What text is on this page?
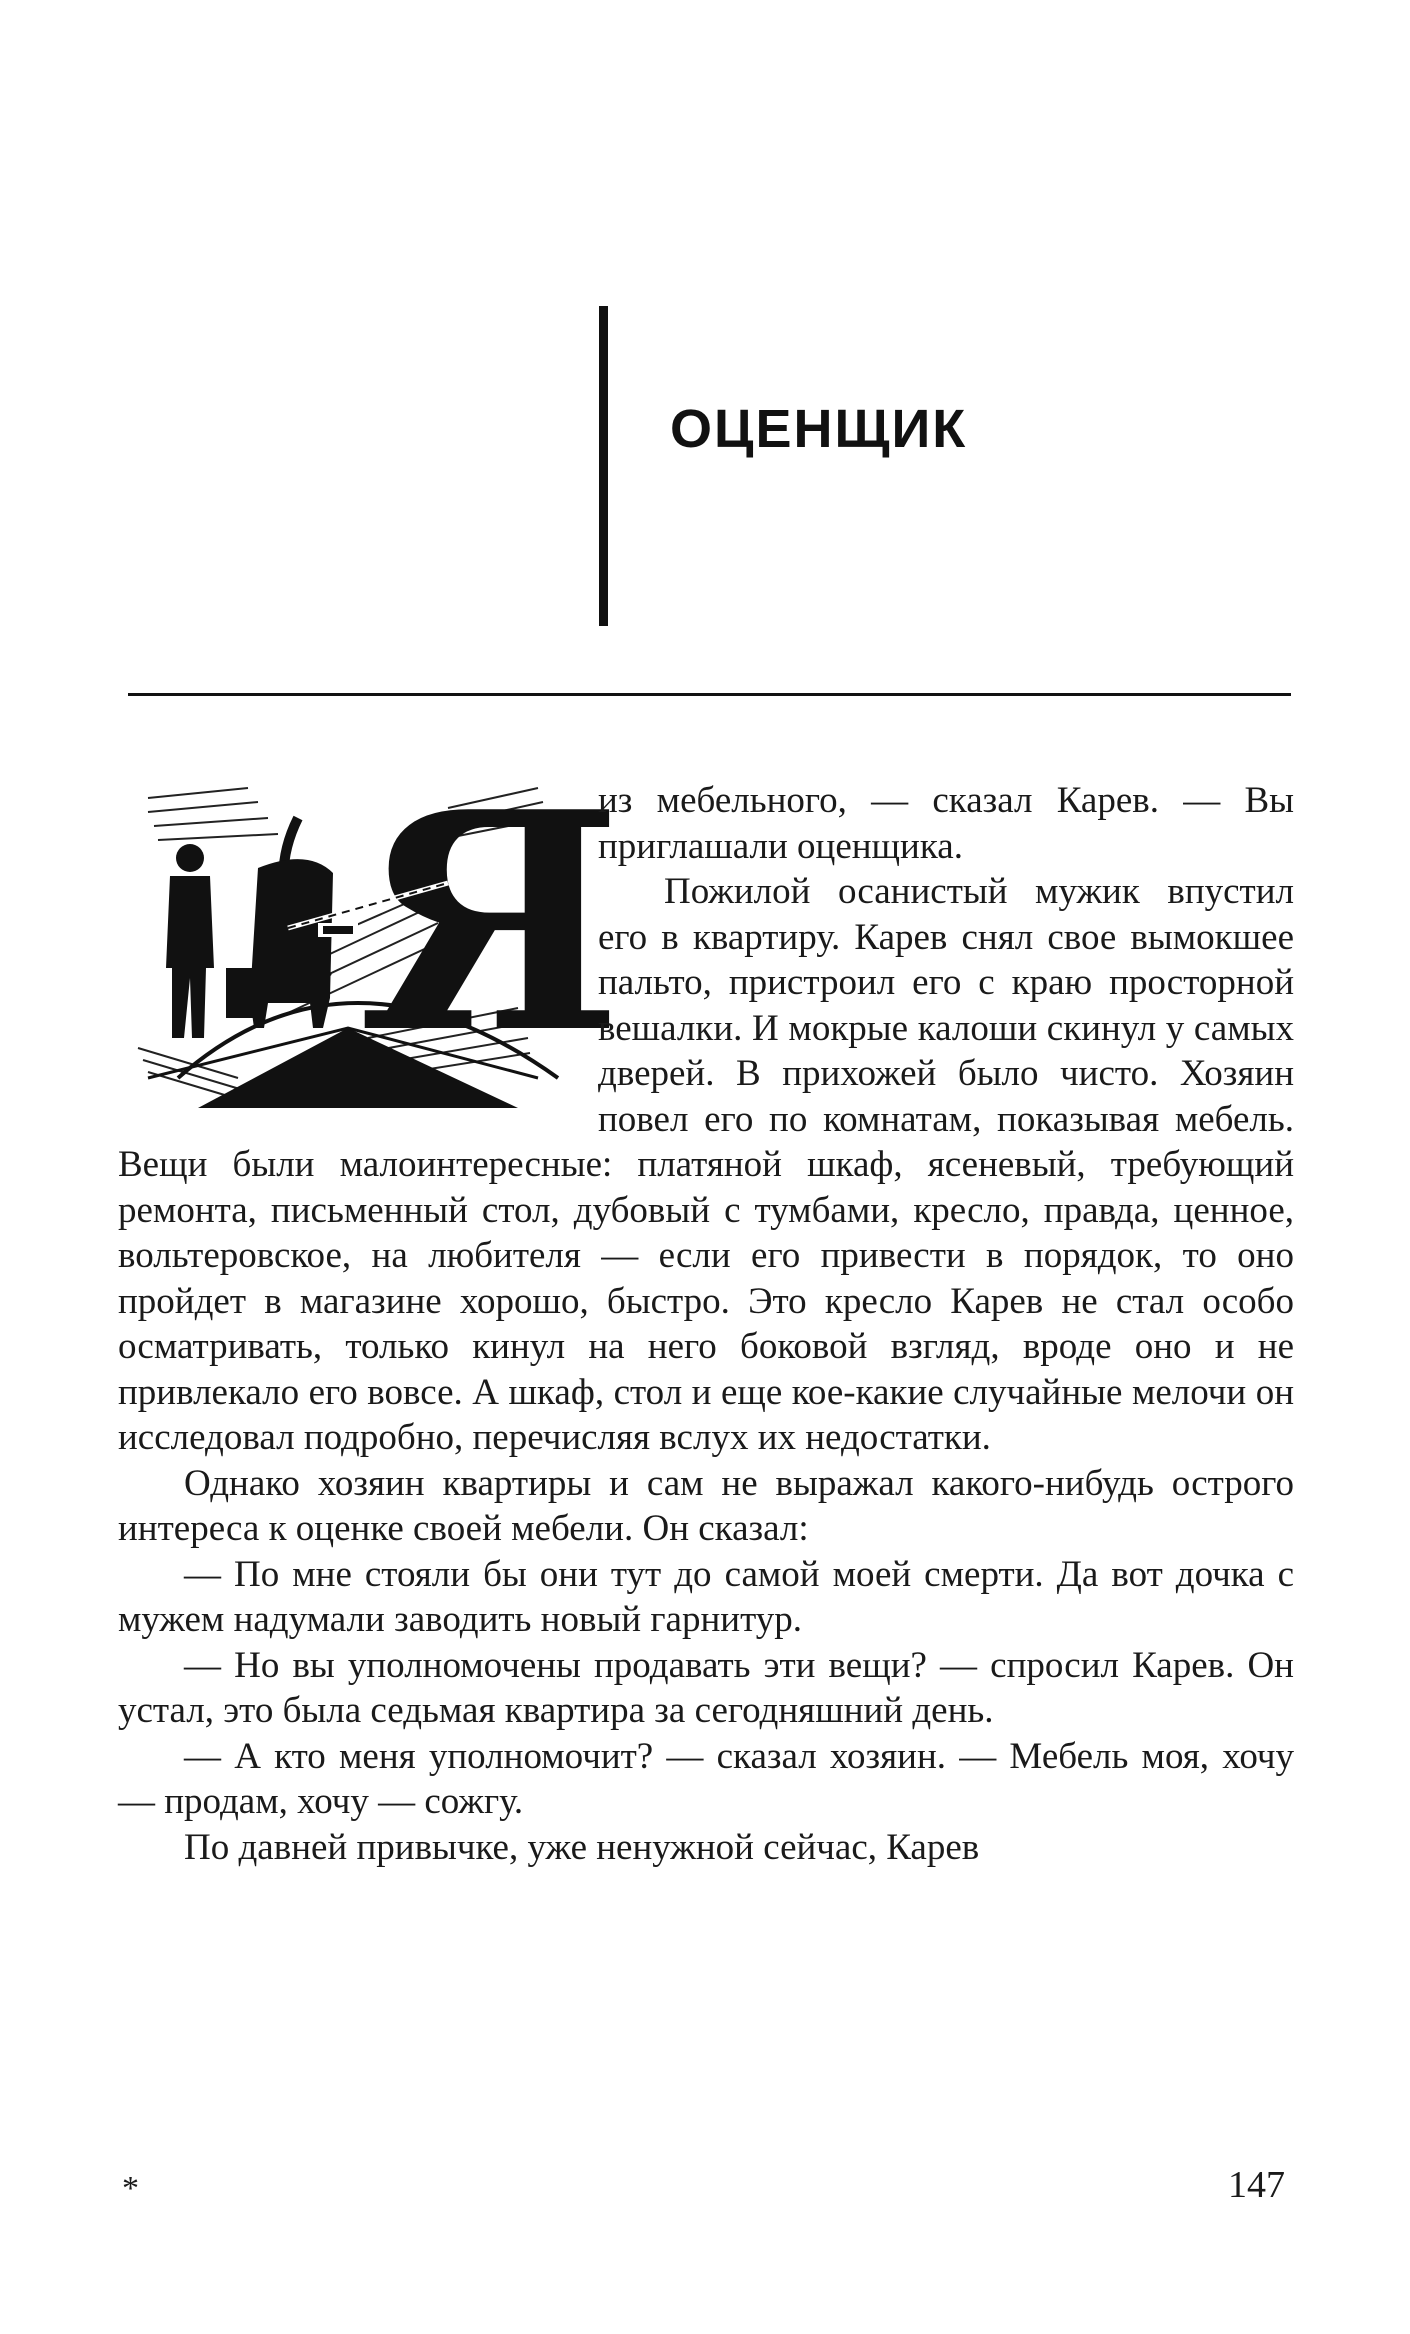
ОЦЕНЩИК
Я

из мебельного, — сказал Карев. — Вы приглашали оценщика.

Пожилой осанистый мужик впустил его в квартиру. Карев снял свое вымокшее пальто, пристроил его с краю просторной вешалки. И мокрые калоши скинул у самых дверей. В прихожей было чисто. Хозяин повел его по комнатам, показывая мебель. Вещи были малоинтересные: платяной шкаф, ясеневый, требующий ремонта, письменный стол, дубовый с тумбами, кресло, правда, ценное, вольтеровское, на любителя — если его привести в порядок, то оно пройдет в магазине хорошо, быстро. Это кресло Карев не стал особо осматривать, только кинул на него боковой взгляд, вроде оно и не привлекало его вовсе. А шкаф, стол и еще кое-какие случайные мелочи он исследовал подробно, перечисляя вслух их недостатки.

Однако хозяин квартиры и сам не выражал какого-нибудь острого интереса к оценке своей мебели. Он сказал:

— По мне стояли бы они тут до самой моей смерти. Да вот дочка с мужем надумали заводить новый гарнитур.

— Но вы уполномочены продавать эти вещи? — спросил Карев. Он устал, это была седьмая квартира за сегодняшний день.

— А кто меня уполномочит? — сказал хозяин. — Мебель моя, хочу — продам, хочу — сожгу.

По давней привычке, уже ненужной сейчас, Карев

*	147
